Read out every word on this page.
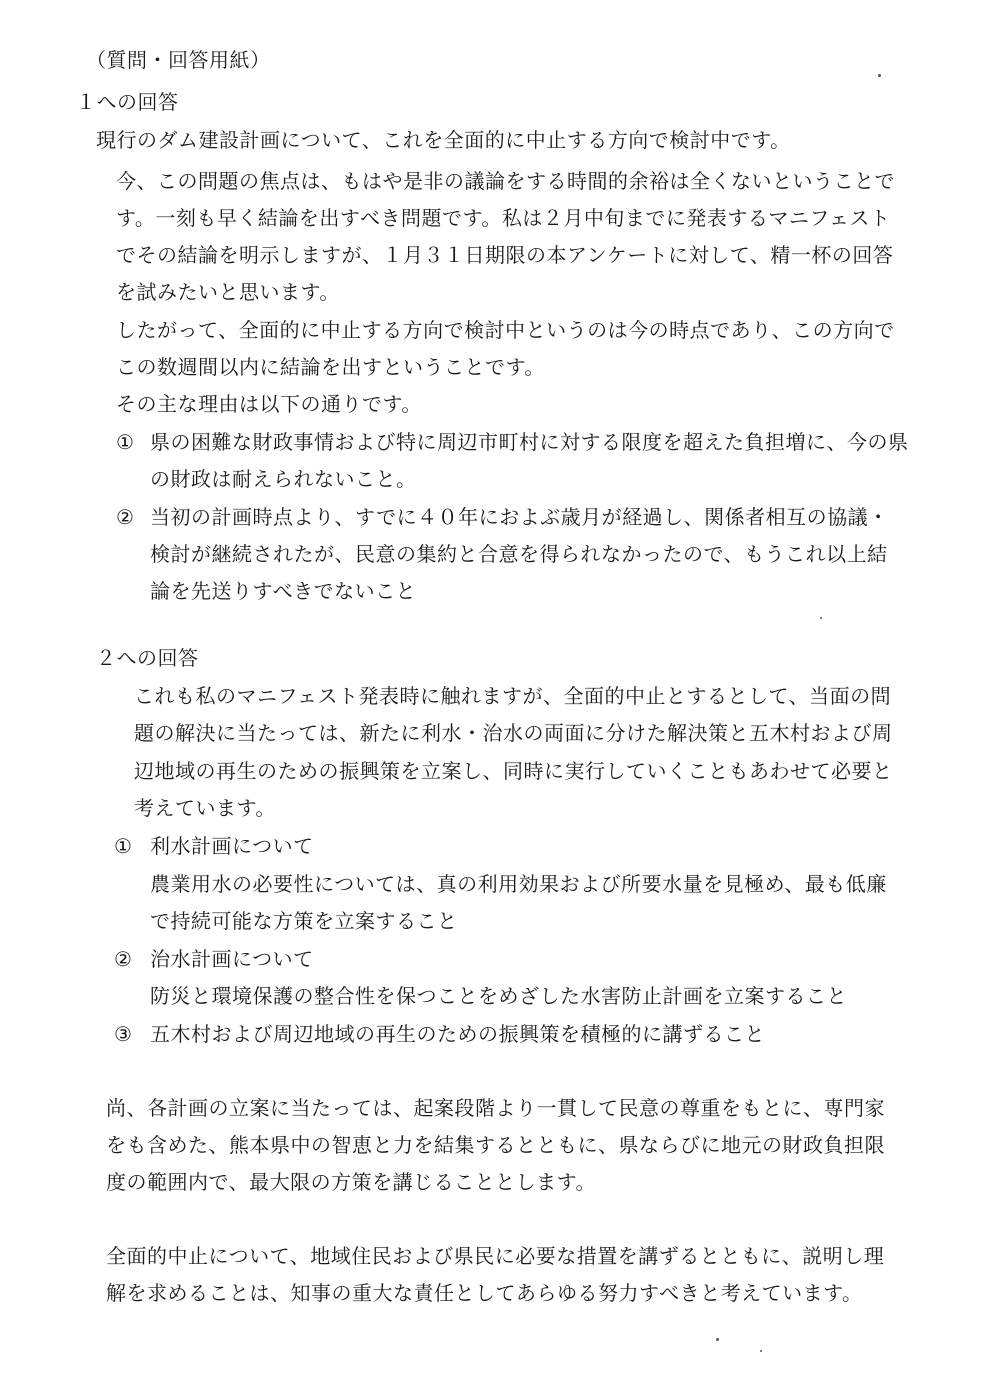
（質問・回答用紙）
１への回答
現行のダム建設計画について、これを全面的に中止する方向で検討中です。
今、この問題の焦点は、もはや是非の議論をする時間的余裕は全くないということで
す。一刻も早く結論を出すべき問題です。私は２月中旬までに発表するマニフェスト
でその結論を明示しますが、１月３１日期限の本アンケートに対して、精一杯の回答
を試みたいと思います。
したがって、全面的に中止する方向で検討中というのは今の時点であり、この方向で
この数週間以内に結論を出すということです。
その主な理由は以下の通りです。
① 県の困難な財政事情および特に周辺市町村に対する限度を超えた負担増に、今の県
の財政は耐えられないこと。
② 当初の計画時点より、すでに４０年におよぶ歳月が経過し、関係者相互の協議・
検討が継続されたが、民意の集約と合意を得られなかったので、もうこれ以上結
論を先送りすべきでないこと
２への回答
これも私のマニフェスト発表時に触れますが、全面的中止とするとして、当面の問
題の解決に当たっては、新たに利水・治水の両面に分けた解決策と五木村および周
辺地域の再生のための振興策を立案し、同時に実行していくこともあわせて必要と
考えています。
① 利水計画について
農業用水の必要性については、真の利用効果および所要水量を見極め、最も低廉
で持続可能な方策を立案すること
② 治水計画について
防災と環境保護の整合性を保つことをめざした水害防止計画を立案すること
③ 五木村および周辺地域の再生のための振興策を積極的に講ずること
尚、各計画の立案に当たっては、起案段階より一貫して民意の尊重をもとに、専門家
をも含めた、熊本県中の智恵と力を結集するとともに、県ならびに地元の財政負担限
度の範囲内で、最大限の方策を講じることとします。
全面的中止について、地域住民および県民に必要な措置を講ずるとともに、説明し理
解を求めることは、知事の重大な責任としてあらゆる努力すべきと考えています。
